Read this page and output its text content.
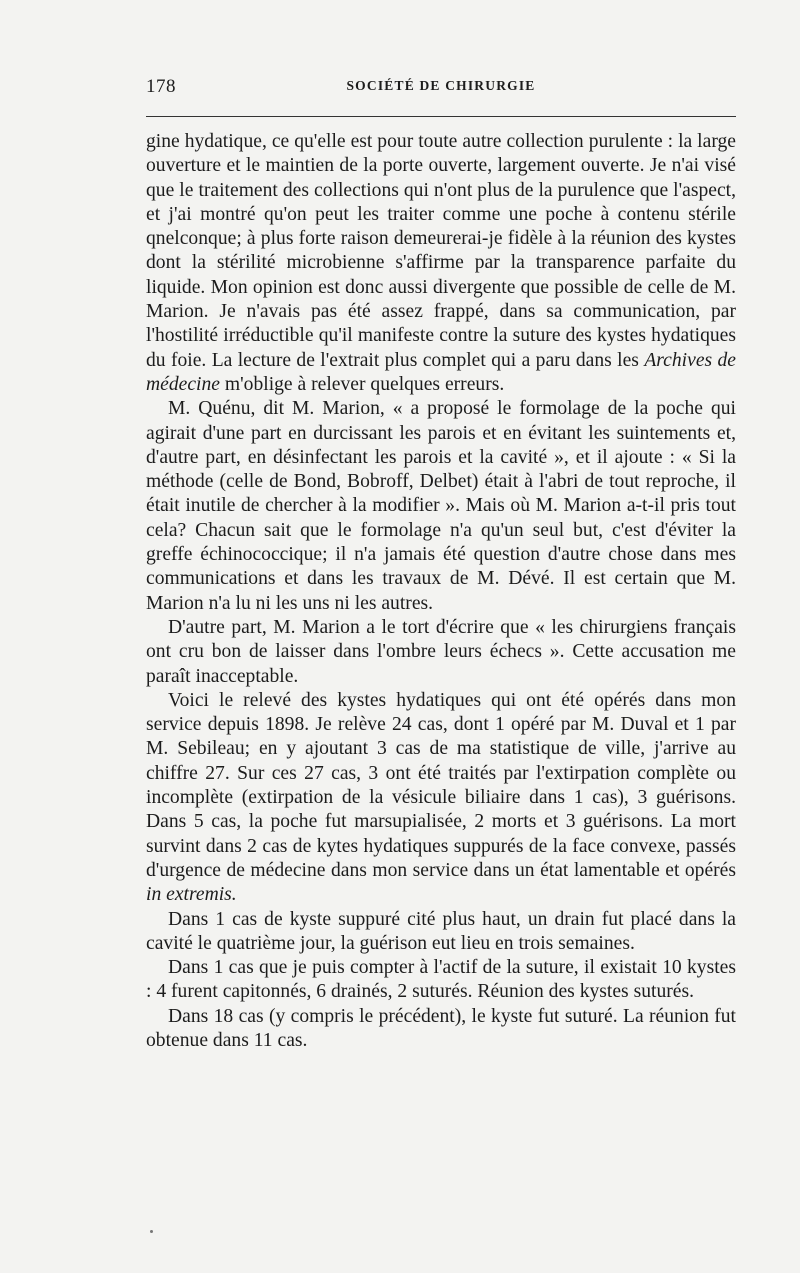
178	SOCIÉTÉ DE CHIRURGIE

gine hydatique, ce qu'elle est pour toute autre collection purulente : la large ouverture et le maintien de la porte ouverte, largement ouverte. Je n'ai visé que le traitement des collections qui n'ont plus de la purulence que l'aspect, et j'ai montré qu'on peut les traiter comme une poche à contenu stérile qnelconque; à plus forte raison demeurerai-je fidèle à la réunion des kystes dont la stérilité microbienne s'affirme par la transparence parfaite du liquide. Mon opinion est donc aussi divergente que possible de celle de M. Marion. Je n'avais pas été assez frappé, dans sa communication, par l'hostilité irréductible qu'il manifeste contre la suture des kystes hydatiques du foie. La lecture de l'extrait plus complet qui a paru dans les Archives de médecine m'oblige à relever quelques erreurs.

M. Quénu, dit M. Marion, « a proposé le formolage de la poche qui agirait d'une part en durcissant les parois et en évitant les suintements et, d'autre part, en désinfectant les parois et la cavité », et il ajoute : « Si la méthode (celle de Bond, Bobroff, Delbet) était à l'abri de tout reproche, il était inutile de chercher à la modifier ». Mais où M. Marion a-t-il pris tout cela? Chacun sait que le formolage n'a qu'un seul but, c'est d'éviter la greffe échinococcique; il n'a jamais été question d'autre chose dans mes communications et dans les travaux de M. Dévé. Il est certain que M. Marion n'a lu ni les uns ni les autres.

D'autre part, M. Marion a le tort d'écrire que « les chirurgiens français ont cru bon de laisser dans l'ombre leurs échecs ». Cette accusation me paraît inacceptable.

Voici le relevé des kystes hydatiques qui ont été opérés dans mon service depuis 1898. Je relève 24 cas, dont 1 opéré par M. Duval et 1 par M. Sebileau; en y ajoutant 3 cas de ma statistique de ville, j'arrive au chiffre 27. Sur ces 27 cas, 3 ont été traités par l'extirpation complète ou incomplète (extirpation de la vésicule biliaire dans 1 cas), 3 guérisons. Dans 5 cas, la poche fut marsupialisée, 2 morts et 3 guérisons. La mort survint dans 2 cas de kytes hydatiques suppurés de la face convexe, passés d'urgence de médecine dans mon service dans un état lamentable et opérés in extremis.

Dans 1 cas de kyste suppuré cité plus haut, un drain fut placé dans la cavité le quatrième jour, la guérison eut lieu en trois semaines.

Dans 1 cas que je puis compter à l'actif de la suture, il existait 10 kystes : 4 furent capitonnés, 6 drainés, 2 suturés. Réunion des kystes suturés.

Dans 18 cas (y compris le précédent), le kyste fut suturé. La réunion fut obtenue dans 11 cas.
